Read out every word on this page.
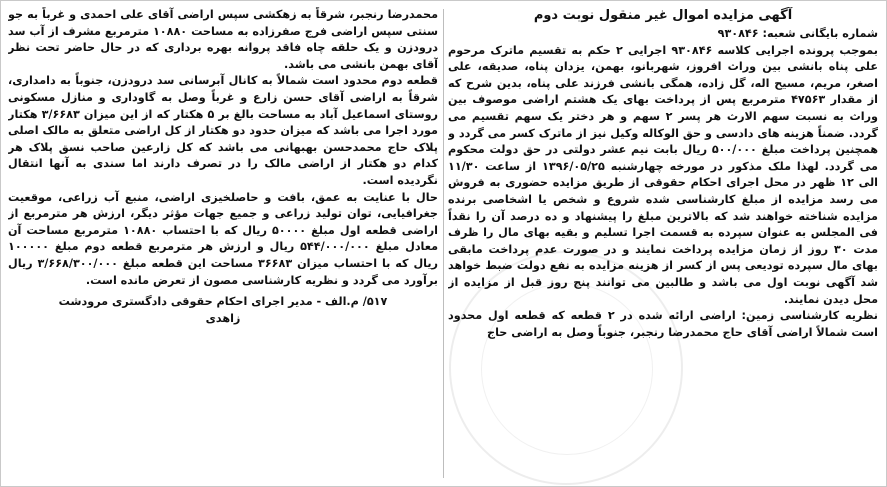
آگهی مزایده اموال غیر منقول نوبت دوم

شماره بایگانی شعبه: ۹۳۰۸۴۶

بموجب پرونده اجرایی کلاسه ۹۳۰۸۴۶ اجرایی ۲ حکم به تقسیم ماترک مرحوم علی پناه بانشی بین وراث افروز، شهربانو، بهمن، یزدان پناه، صدیقه، علی اصغر، مریم، مسیح اله، گل زاده، همگی بانشی فرزند علی پناه، بدین شرح که از مقدار ۴۷۵۶۳ مترمربع پس از پرداخت بهای یک هشتم اراضی موصوف بین وراث به نسبت سهم الارث هر پسر ۲ سهم و هر دختر یک سهم تقسیم می گردد. ضمناً هزینه های دادسی و حق الوکاله وکیل نیز از ماترک کسر می گردد و همچنین پرداخت مبلغ ۵۰۰/۰۰۰ ریال بابت نیم عشر دولتی در حق دولت محکوم می گردد. لهذا ملک مذکور در مورخه چهارشنبه ۱۳۹۶/۰۵/۲۵ از ساعت ۱۱/۳۰ الی ۱۲ ظهر در محل اجرای احکام حقوقی از طریق مزایده حضوری به فروش می رسد مزایده از مبلغ کارشناسی شده شروع و شخص یا اشخاصی برنده مزایده شناخته خواهند شد که بالاترین مبلغ را پیشنهاد و ده درصد آن را نقداً فی المجلس به عنوان سپرده به قسمت اجرا تسلیم و بقیه بهای مال را ظرف مدت ۳۰ روز از زمان مزایده پرداخت نمایند و در صورت عدم پرداخت مابقی بهای مال سپرده تودیعی پس از کسر از هزینه مزایده به نفع دولت ضبط خواهد شد آگهی نوبت اول می باشد و طالبین می توانند پنج روز قبل از مزایده از محل دیدن نمایند.

نظریه کارشناسی زمین: اراضی ارائه شده در ۲ قطعه که قطعه اول محدود است شمالاً اراضی آقای حاج محمدرضا رنجبر، جنوباً وصل به اراضی حاج

محمدرضا رنجبر، شرقاً به زهکشی سپس اراضی آقای علی احمدی و غرباً به جو سنتی سپس اراضی فرج صفرزاده به مساحت ۱۰۸۸۰ مترمربع مشرف از آب سد درودزن و یک حلقه چاه فاقد پروانه بهره برداری که در حال حاضر تحت نظر آقای بهمن بانشی می باشد.

قطعه دوم محدود است شمالاً به کانال آبرسانی سد درودزن، جنوباً به دامداری، شرقاً به اراضی آقای حسن زارع و غرباً وصل به گاوداری و منازل مسکونی روستای اسماعیل آباد به مساحت بالغ بر ۵ هکتار که از این میزان ۳/۶۶۸۳ هکتار مورد اجرا می باشد که میزان حدود دو هکتار از کل اراضی متعلق به مالک اصلی پلاک حاج محمدحسن بهبهانی می باشد که کل زارعین صاحب نسق پلاک هر کدام دو هکتار از اراضی مالک را در تصرف دارند اما سندی به آنها انتقال نگردیده است.

حال با عنایت به عمق، بافت و حاصلخیزی اراضی، منبع آب زراعی، موقعیت جغرافیایی، توان تولید زراعی و جمیع جهات مؤثر دیگر، ارزش هر مترمربع از اراضی قطعه اول مبلغ ۵۰۰۰۰ ریال که با احتساب ۱۰۸۸۰ مترمربع مساحت آن معادل مبلغ ۵۴۴/۰۰۰/۰۰۰ ریال و ارزش هر مترمربع قطعه دوم مبلغ ۱۰۰۰۰۰ ریال که با احتساب میزان ۳۶۶۸۳ مساحت این قطعه مبلغ ۳/۶۶۸/۳۰۰/۰۰۰ ریال برآورد می گردد و نظریه کارشناسی مصون از تعرض مانده است.

۵۱۷/ م.الف - مدیر اجرای احکام حقوقی دادگستری مرودشت
زاهدی
